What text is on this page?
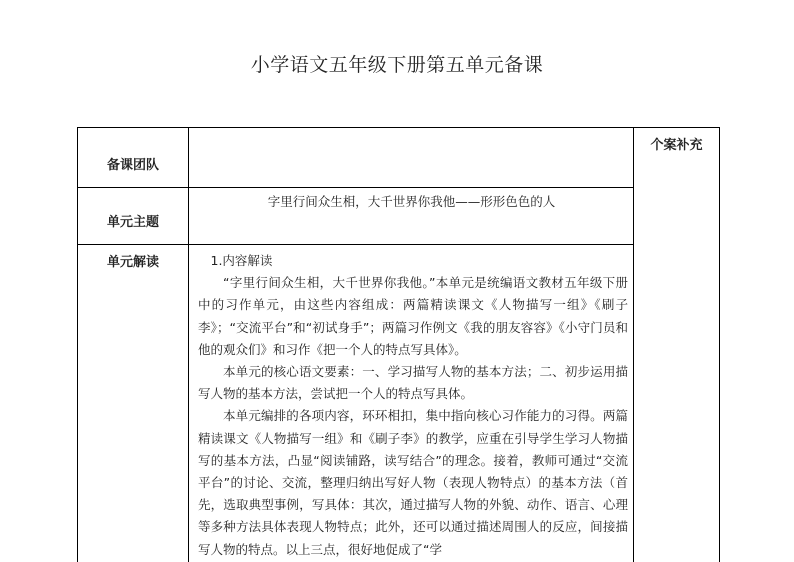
小学语文五年级下册第五单元备课
个案补充
备课团队
单元主题
单元解读
字里行间众生相，大千世界你我他——形形色色的人

1.内容解读

“字里行间众生相，大千世界你我他。”本单元是统编语文教材五年级下册中的习作单元，由这些内容组成：两篇精读课文《人物描写一组》《刷子李》；“交流平台”和“初试身手”；两篇习作例文《我的朋友容容》《小守门员和他的观众们》和习作《把一个人的特点写具体》。

本单元的核心语文要素：一、学习描写人物的基本方法；二、初步运用描写人物的基本方法，尝试把一个人的特点写具体。

本单元编排的各项内容，环环相扣，集中指向核心习作能力的习得。两篇精读课文《人物描写一组》和《刷子李》的教学，应重在引导学生学习人物描写的基本方法，凸显“阅读铺路，读写结合”的理念。接着，教师可通过“交流平台”的讨论、交流，整理归纳出写好人物（表现人物特点）的基本方法（首先，选取典型事例，写具体：其次，通过描写人物的外貌、动作、语言、心理等多种方法具体表现人物特点；此外，还可以通过描述周围人的反应，间接描写人物的特点。以上三点，很好地促成了“学
